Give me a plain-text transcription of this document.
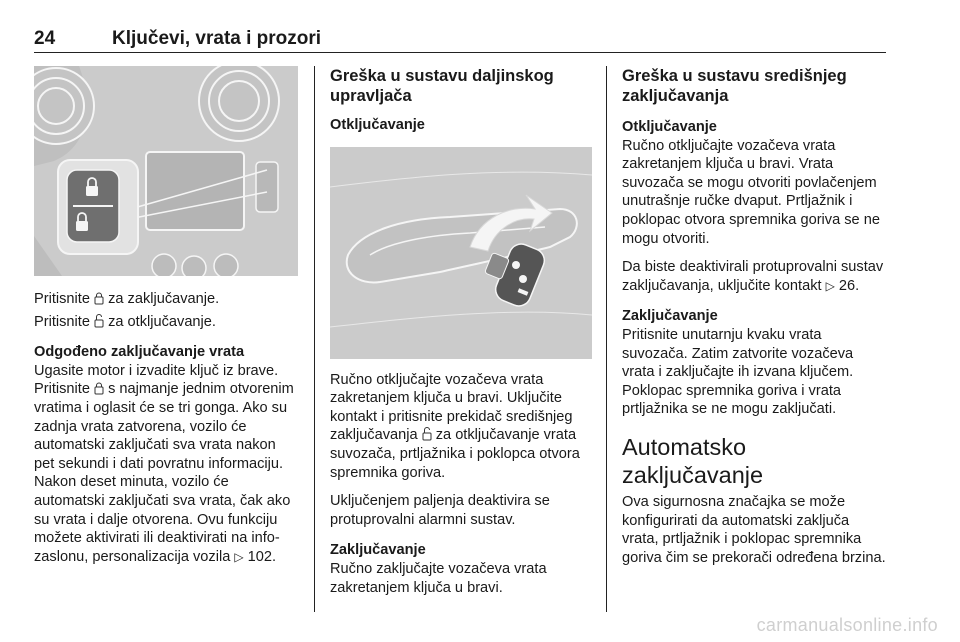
24	Ključevi, vrata i prozori

Pritisnite  za zaključavanje.

Pritisnite  za otključavanje.

Odgođeno zaključavanje vrata

Ugasite motor i izvadite ključ iz brave. Pritisnite  s najmanje jednim otvorenim vratima i oglasit će se tri gonga. Ako su zadnja vrata zatvorena, vozilo će automatski zaključati sva vrata nakon pet sekundi i dati povratnu informaciju. Nakon deset minuta, vozilo će automatski zaključati sva vrata, čak ako su vrata i dalje otvorena. Ovu funkciju možete aktivirati ili deaktivirati na info-zaslonu, personalizacija vozila ▷ 102.

Greška u sustavu daljinskog upravljača

Otključavanje

Ručno otključajte vozačeva vrata zakretanjem ključa u bravi. Uključite kontakt i pritisnite prekidač središnjeg zaključavanja  za otključavanje vrata suvozača, prtljažnika i poklopca otvora spremnika goriva.

Uključenjem paljenja deaktivira se protuprovalni alarmni sustav.

Zaključavanje

Ručno zaključajte vozačeva vrata zakretanjem ključa u bravi.

Greška u sustavu središnjeg zaključavanja

Otključavanje

Ručno otključajte vozačeva vrata zakretanjem ključa u bravi. Vrata suvozača se mogu otvoriti povlačenjem unutrašnje ručke dvaput. Prtljažnik i poklopac otvora spremnika goriva se ne mogu otvoriti.

Da biste deaktivirali protuprovalni sustav zaključavanja, uključite kontakt ▷ 26.

Zaključavanje

Pritisnite unutarnju kvaku vrata suvozača. Zatim zatvorite vozačeva vrata i zaključajte ih izvana ključem. Poklopac spremnika goriva i vrata prtljažnika se ne mogu zaključati.

Automatsko zaključavanje

Ova sigurnosna značajka se može konfigurirati da automatski zaključa vrata, prtljažnik i poklopac spremnika goriva čim se prekorači određena brzina.

carmanualsonline.info
